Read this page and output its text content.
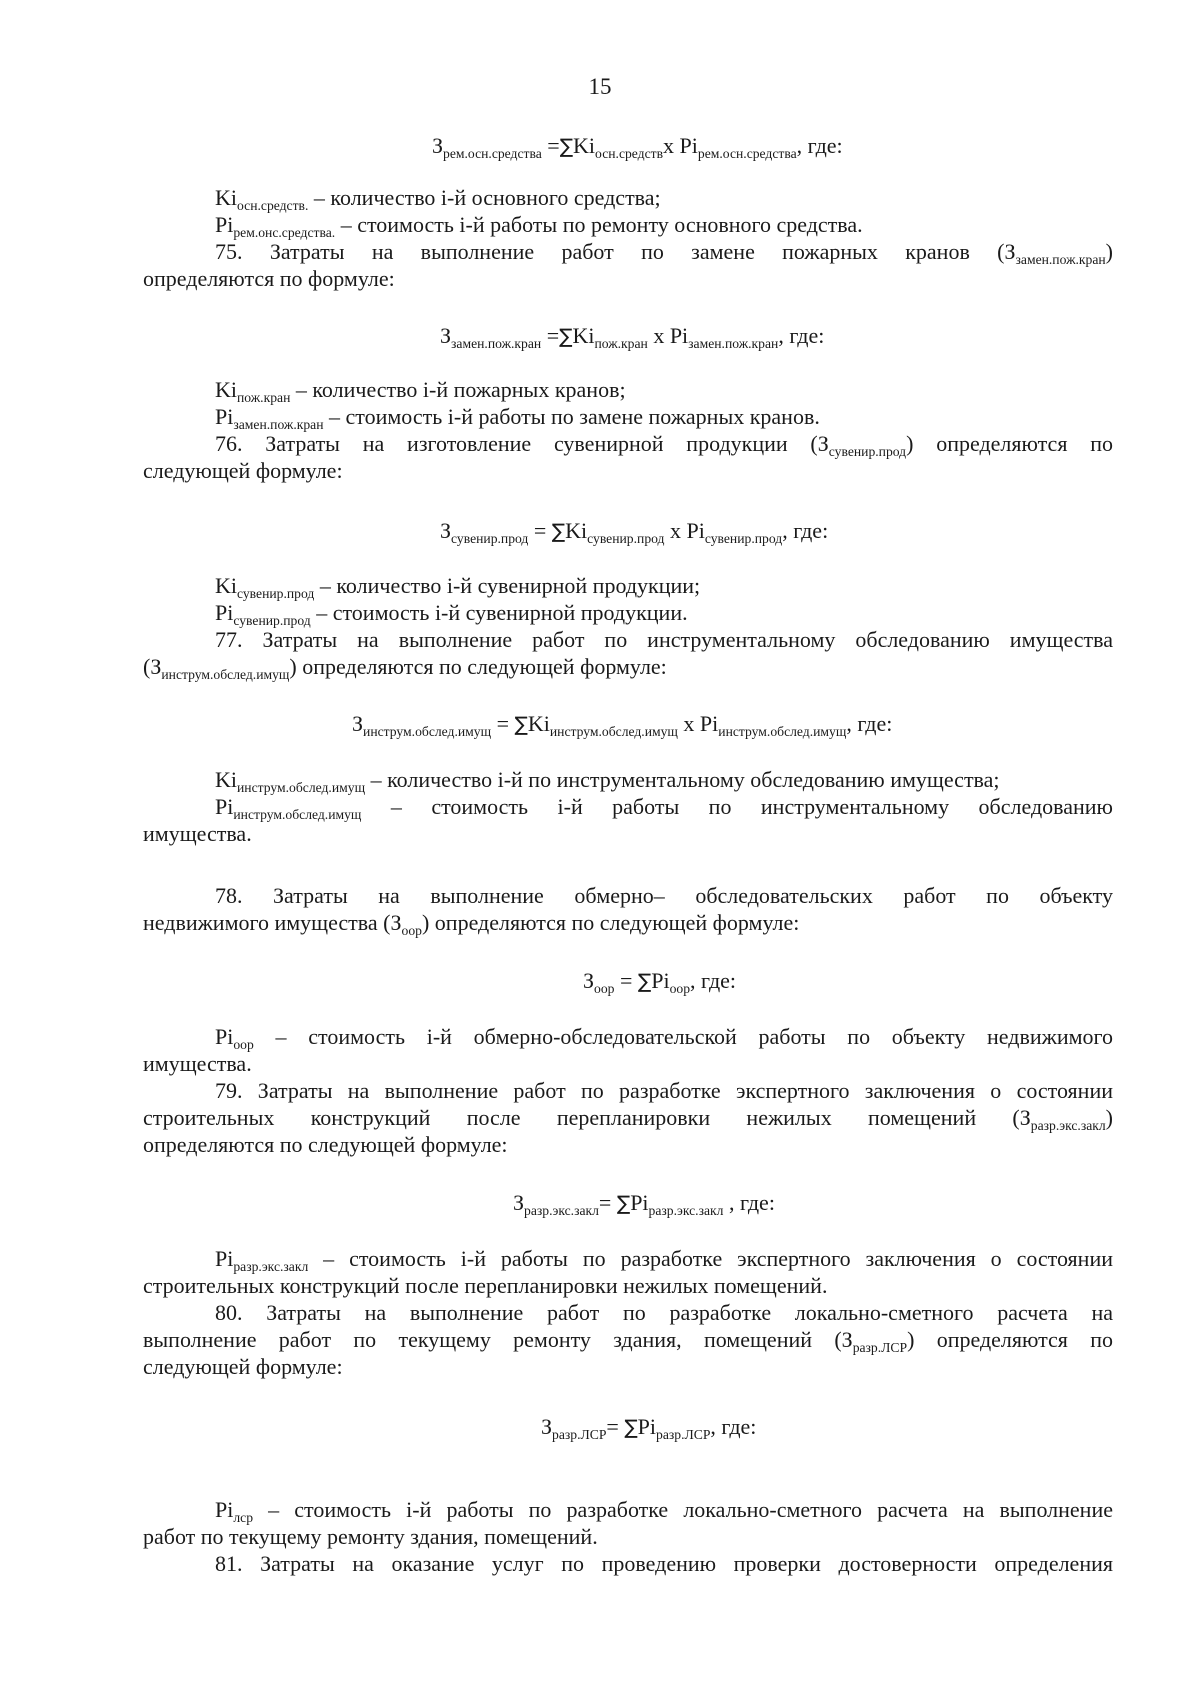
15
$З_{рем.осн.средства} =\sum Ki_{осн.средств}x$ $Pi_{рем.осн.средства}$, где:
$Ki_{осн.средств.}$ – количество i-й основного средства;
$Pi_{рем.онс.средства.}$ – стоимость i-й работы по ремонту основного средства.
75. Затраты на выполнение работ по замене пожарных кранов $(З_{замен.пож.кран})$
определяются по формуле:
$З_{замен.пож.кран} =\sum Ki_{пож.кран}$ x $Pi_{замен.пож.кран}$, где:
$Ki_{пож.кран}$ – количество i-й пожарных кранов;
$Pi_{замен.пож.кран}$ – стоимость i-й работы по замене пожарных кранов.
76. Затраты на изготовление сувенирной продукции $(З_{сувенир.прод})$ определяются по
следующей формуле:
$З_{сувенир.прод} = \sum Ki_{сувенир.прод}$ x $Pi_{сувенир.прод}$, где:
$Ki_{сувенир.прод}$ – количество i-й сувенирной продукции;
$Pi_{сувенир.прод}$ – стоимость i-й сувенирной продукции.
77. Затраты на выполнение работ по инструментальному обследованию имущества
$(З_{инструм.обслед.имущ})$ определяются по следующей формуле:
$З_{инструм.обслед.имущ} = \sum Ki_{инструм.обслед.имущ}$ x $Pi_{инструм.обслед.имущ}$, где:
$Ki_{инструм.обслед.имущ}$ – количество i-й по инструментальному обследованию имущества;
$Pi_{инструм.обслед.имущ}$ – стоимость i-й работы по инструментальному обследованию
имущества.
78. Затраты на выполнение обмерно– обследовательских работ по объекту
недвижимого имущества $(З_{оор})$ определяются по следующей формуле:
$З_{оор} = \sum Pi_{оор}$, где:
$Pi_{оор}$ – стоимость i-й обмерно-обследовательской работы по объекту недвижимого
имущества.
79. Затраты на выполнение работ по разработке экспертного заключения о состоянии
строительных конструкций после перепланировки нежилых помещений $(З_{разр.экс.закл})$
определяются по следующей формуле:
$З_{разр.экс.закл}= \sum Pi_{разр.экс.закл}$ , где:
$Pi_{разр.экс.закл}$ – стоимость i-й работы по разработке экспертного заключения о состоянии
строительных конструкций после перепланировки нежилых помещений.
80. Затраты на выполнение работ по разработке локально-сметного расчета на
выполнение работ по текущему ремонту здания, помещений $(З_{разр.ЛСР})$ определяются по
следующей формуле:
$З_{разр.ЛСР}= \sum Pi_{разр.ЛСР}$, где:
$Pi_{лср}$ – стоимость i-й работы по разработке локально-сметного расчета на выполнение
работ по текущему ремонту здания, помещений.
81. Затраты на оказание услуг по проведению проверки достоверности определения
